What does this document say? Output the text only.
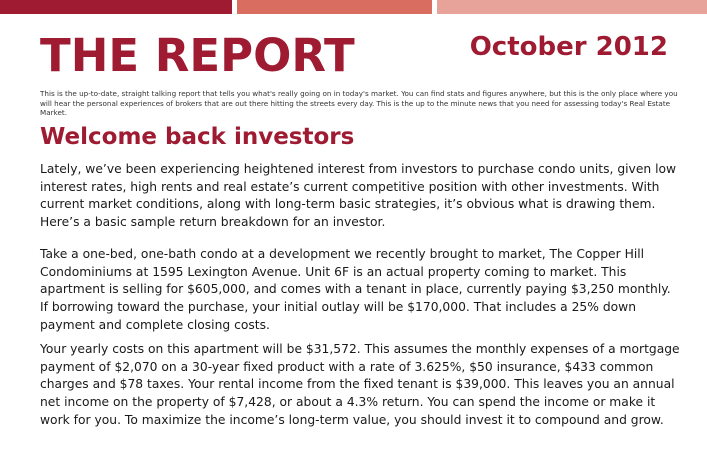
THE REPORT	October 2012

This is the up-to-date, straight talking report that tells you what's really going on in today's market. You can find stats and figures anywhere, but this is the only place where you will hear the personal experiences of brokers that are out there hitting the streets every day. This is the up to the minute news that you need for assessing today's Real Estate Market.

Welcome back investors

Lately, we’ve been experiencing heightened interest from investors to purchase condo units, given low interest rates, high rents and real estate’s current competitive position with other investments. With current market conditions, along with long-term basic strategies, it’s obvious what is drawing them. Here’s a basic sample return breakdown for an investor.

Take a one-bed, one-bath condo at a development we recently brought to market, The Copper Hill Condominiums at 1595 Lexington Avenue. Unit 6F is an actual property coming to market. This apartment is selling for $605,000, and comes with a tenant in place, currently paying $3,250 monthly. If borrowing toward the purchase, your initial outlay will be $170,000. That includes a 25% down payment and complete closing costs.

Your yearly costs on this apartment will be $31,572. This assumes the monthly expenses of a mortgage payment of $2,070 on a 30-year fixed product with a rate of 3.625%, $50 insurance, $433 common charges and $78 taxes. Your rental income from the fixed tenant is $39,000. This leaves you an annual net income on the property of $7,428, or about a 4.3% return. You can spend the income or make it work for you. To maximize the income’s long-term value, you should invest it to compound and grow.
